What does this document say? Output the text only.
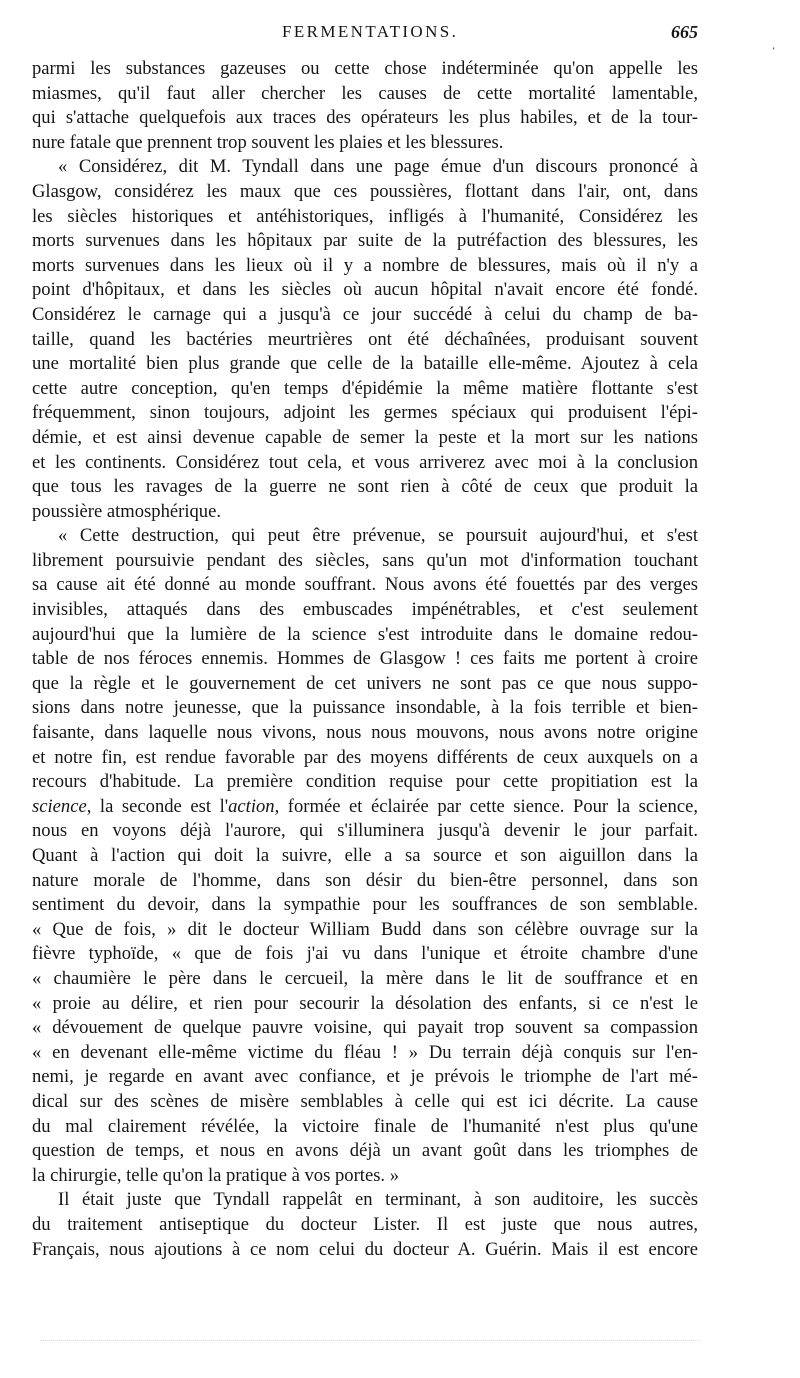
FERMENTATIONS.	665
‘
parmi les substances gazeuses ou cette chose indéterminée qu'on appelle les
miasmes, qu'il faut aller chercher les causes de cette mortalité lamentable,
qui s'attache quelquefois aux traces des opérateurs les plus habiles, et de la tour-
nure fatale que prennent trop souvent les plaies et les blessures.
« Considérez, dit M. Tyndall dans une page émue d'un discours prononcé à
Glasgow, considérez les maux que ces poussières, flottant dans l'air, ont, dans
les siècles historiques et antéhistoriques, infligés à l'humanité, Considérez les
morts survenues dans les hôpitaux par suite de la putréfaction des blessures, les
morts survenues dans les lieux où il y a nombre de blessures, mais où il n'y a
point d'hôpitaux, et dans les siècles où aucun hôpital n'avait encore été fondé.
Considérez le carnage qui a jusqu'à ce jour succédé à celui du champ de ba-
taille, quand les bactéries meurtrières ont été déchaînées, produisant souvent
une mortalité bien plus grande que celle de la bataille elle-même. Ajoutez à cela
cette autre conception, qu'en temps d'épidémie la même matière flottante s'est
fréquemment, sinon toujours, adjoint les germes spéciaux qui produisent l'épi-
démie, et est ainsi devenue capable de semer la peste et la mort sur les nations
et les continents. Considérez tout cela, et vous arriverez avec moi à la conclusion
que tous les ravages de la guerre ne sont rien à côté de ceux que produit la
poussière atmosphérique.
« Cette destruction, qui peut être prévenue, se poursuit aujourd'hui, et s'est
librement poursuivie pendant des siècles, sans qu'un mot d'information touchant
sa cause ait été donné au monde souffrant. Nous avons été fouettés par des verges
invisibles, attaqués dans des embuscades impénétrables, et c'est seulement
aujourd'hui que la lumière de la science s'est introduite dans le domaine redou-
table de nos féroces ennemis. Hommes de Glasgow ! ces faits me portent à croire
que la règle et le gouvernement de cet univers ne sont pas ce que nous suppo-
sions dans notre jeunesse, que la puissance insondable, à la fois terrible et bien-
faisante, dans laquelle nous vivons, nous nous mouvons, nous avons notre origine
et notre fin, est rendue favorable par des moyens différents de ceux auxquels on a
recours d'habitude. La première condition requise pour cette propitiation est la
science, la seconde est l'action, formée et éclairée par cette sience. Pour la science,
nous en voyons déjà l'aurore, qui s'illuminera jusqu'à devenir le jour parfait.
Quant à l'action qui doit la suivre, elle a sa source et son aiguillon dans la
nature morale de l'homme, dans son désir du bien-être personnel, dans son
sentiment du devoir, dans la sympathie pour les souffrances de son semblable.
« Que de fois, » dit le docteur William Budd dans son célèbre ouvrage sur la
fièvre typhoïde, « que de fois j'ai vu dans l'unique et étroite chambre d'une
« chaumière le père dans le cercueil, la mère dans le lit de souffrance et en
« proie au délire, et rien pour secourir la désolation des enfants, si ce n'est le
« dévouement de quelque pauvre voisine, qui payait trop souvent sa compassion
« en devenant elle-même victime du fléau ! » Du terrain déjà conquis sur l'en-
nemi, je regarde en avant avec confiance, et je prévois le triomphe de l'art mé-
dical sur des scènes de misère semblables à celle qui est ici décrite. La cause
du mal clairement révélée, la victoire finale de l'humanité n'est plus qu'une
question de temps, et nous en avons déjà un avant goût dans les triomphes de
la chirurgie, telle qu'on la pratique à vos portes. »
Il était juste que Tyndall rappelât en terminant, à son auditoire, les succès
du traitement antiseptique du docteur Lister. Il est juste que nous autres,
Français, nous ajoutions à ce nom celui du docteur A. Guérin. Mais il est encore
